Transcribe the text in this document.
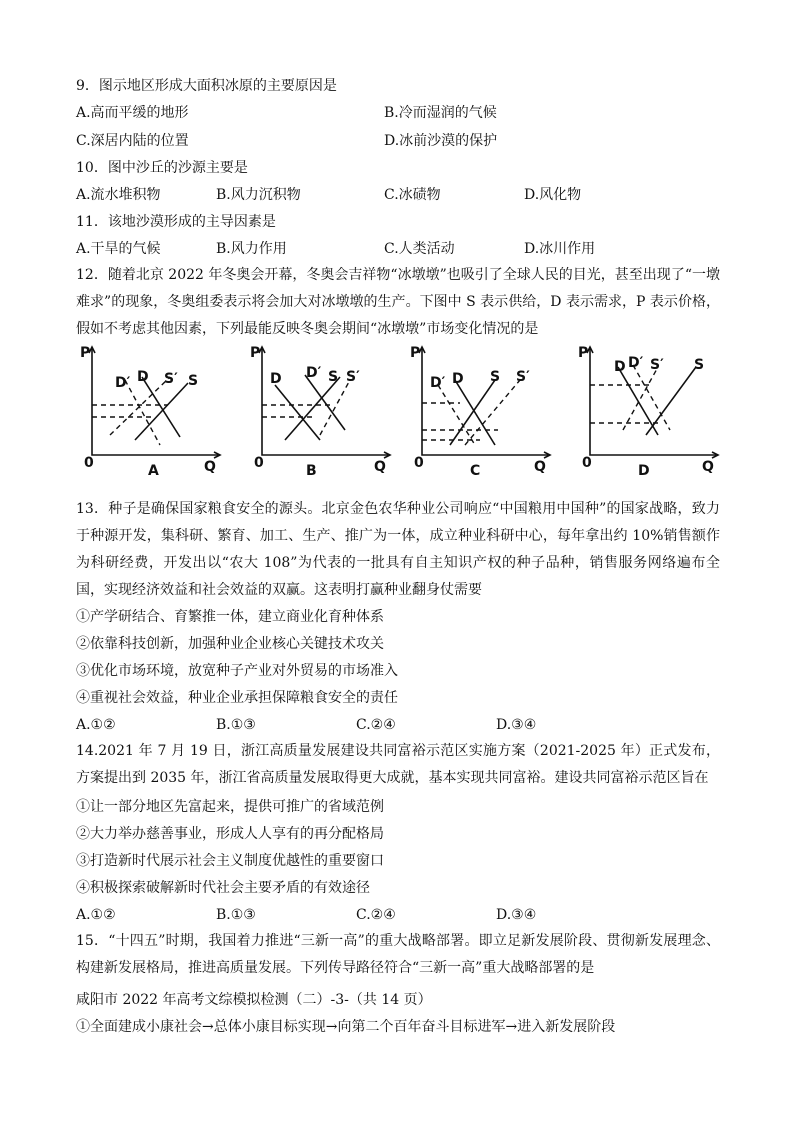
9．图示地区形成大面积冰原的主要原因是
A.高而平缓的地形	B.冷而湿润的气候
C.深居内陆的位置	D.冰前沙漠的保护
10．图中沙丘的沙源主要是
A.流水堆积物	B.风力沉积物	C.冰碛物	D.风化物
11．该地沙漠形成的主导因素是
A.干旱的气候	B.风力作用	C.人类活动	D.冰川作用
12．随着北京 2022 年冬奥会开幕，冬奥会吉祥物“冰墩墩”也吸引了全球人民的目光，甚至出现了“一墩难求”的现象，冬奥组委表示将会加大对冰墩墩的生产。下图中 S 表示供给，D 表示需求，P 表示价格，假如不考虑其他因素，下列最能反映冬奥会期间“冰墩墩”市场变化情况的是
P
0	Q
D′ D S′ S
A
P
0	Q
D D′ S S′
B
P
0	Q
D′ D S S′
C
P
0	Q
D D′ S′ S
D
13．种子是确保国家粮食安全的源头。北京金色农华种业公司响应“中国粮用中国种”的国家战略，致力于种源开发，集科研、繁育、加工、生产、推广为一体，成立种业科研中心，每年拿出约 10%销售额作为科研经费，开发出以“农大 108”为代表的一批具有自主知识产权的种子品种，销售服务网络遍布全国，实现经济效益和社会效益的双赢。这表明打赢种业翻身仗需要
①产学研结合、育繁推一体，建立商业化育种体系
②依靠科技创新，加强种业企业核心关键技术攻关
③优化市场环境，放宽种子产业对外贸易的市场准入
④重视社会效益，种业企业承担保障粮食安全的责任
A.①②	B.①③	C.②④	D.③④
14.2021 年 7 月 19 日，浙江高质量发展建设共同富裕示范区实施方案（2021-2025 年）正式发布，方案提出到 2035 年，浙江省高质量发展取得更大成就，基本实现共同富裕。建设共同富裕示范区旨在
①让一部分地区先富起来，提供可推广的省域范例
②大力举办慈善事业，形成人人享有的再分配格局
③打造新时代展示社会主义制度优越性的重要窗口
④积极探索破解新时代社会主要矛盾的有效途径
A.①②	B.①③	C.②④	D.③④
15．“十四五”时期，我国着力推进“三新一高”的重大战略部署。即立足新发展阶段、贯彻新发展理念、构建新发展格局，推进高质量发展。下列传导路径符合“三新一高”重大战略部署的是
咸阳市 2022 年高考文综模拟检测（二）-3-（共 14 页）
①全面建成小康社会→总体小康目标实现→向第二个百年奋斗目标进军→进入新发展阶段
